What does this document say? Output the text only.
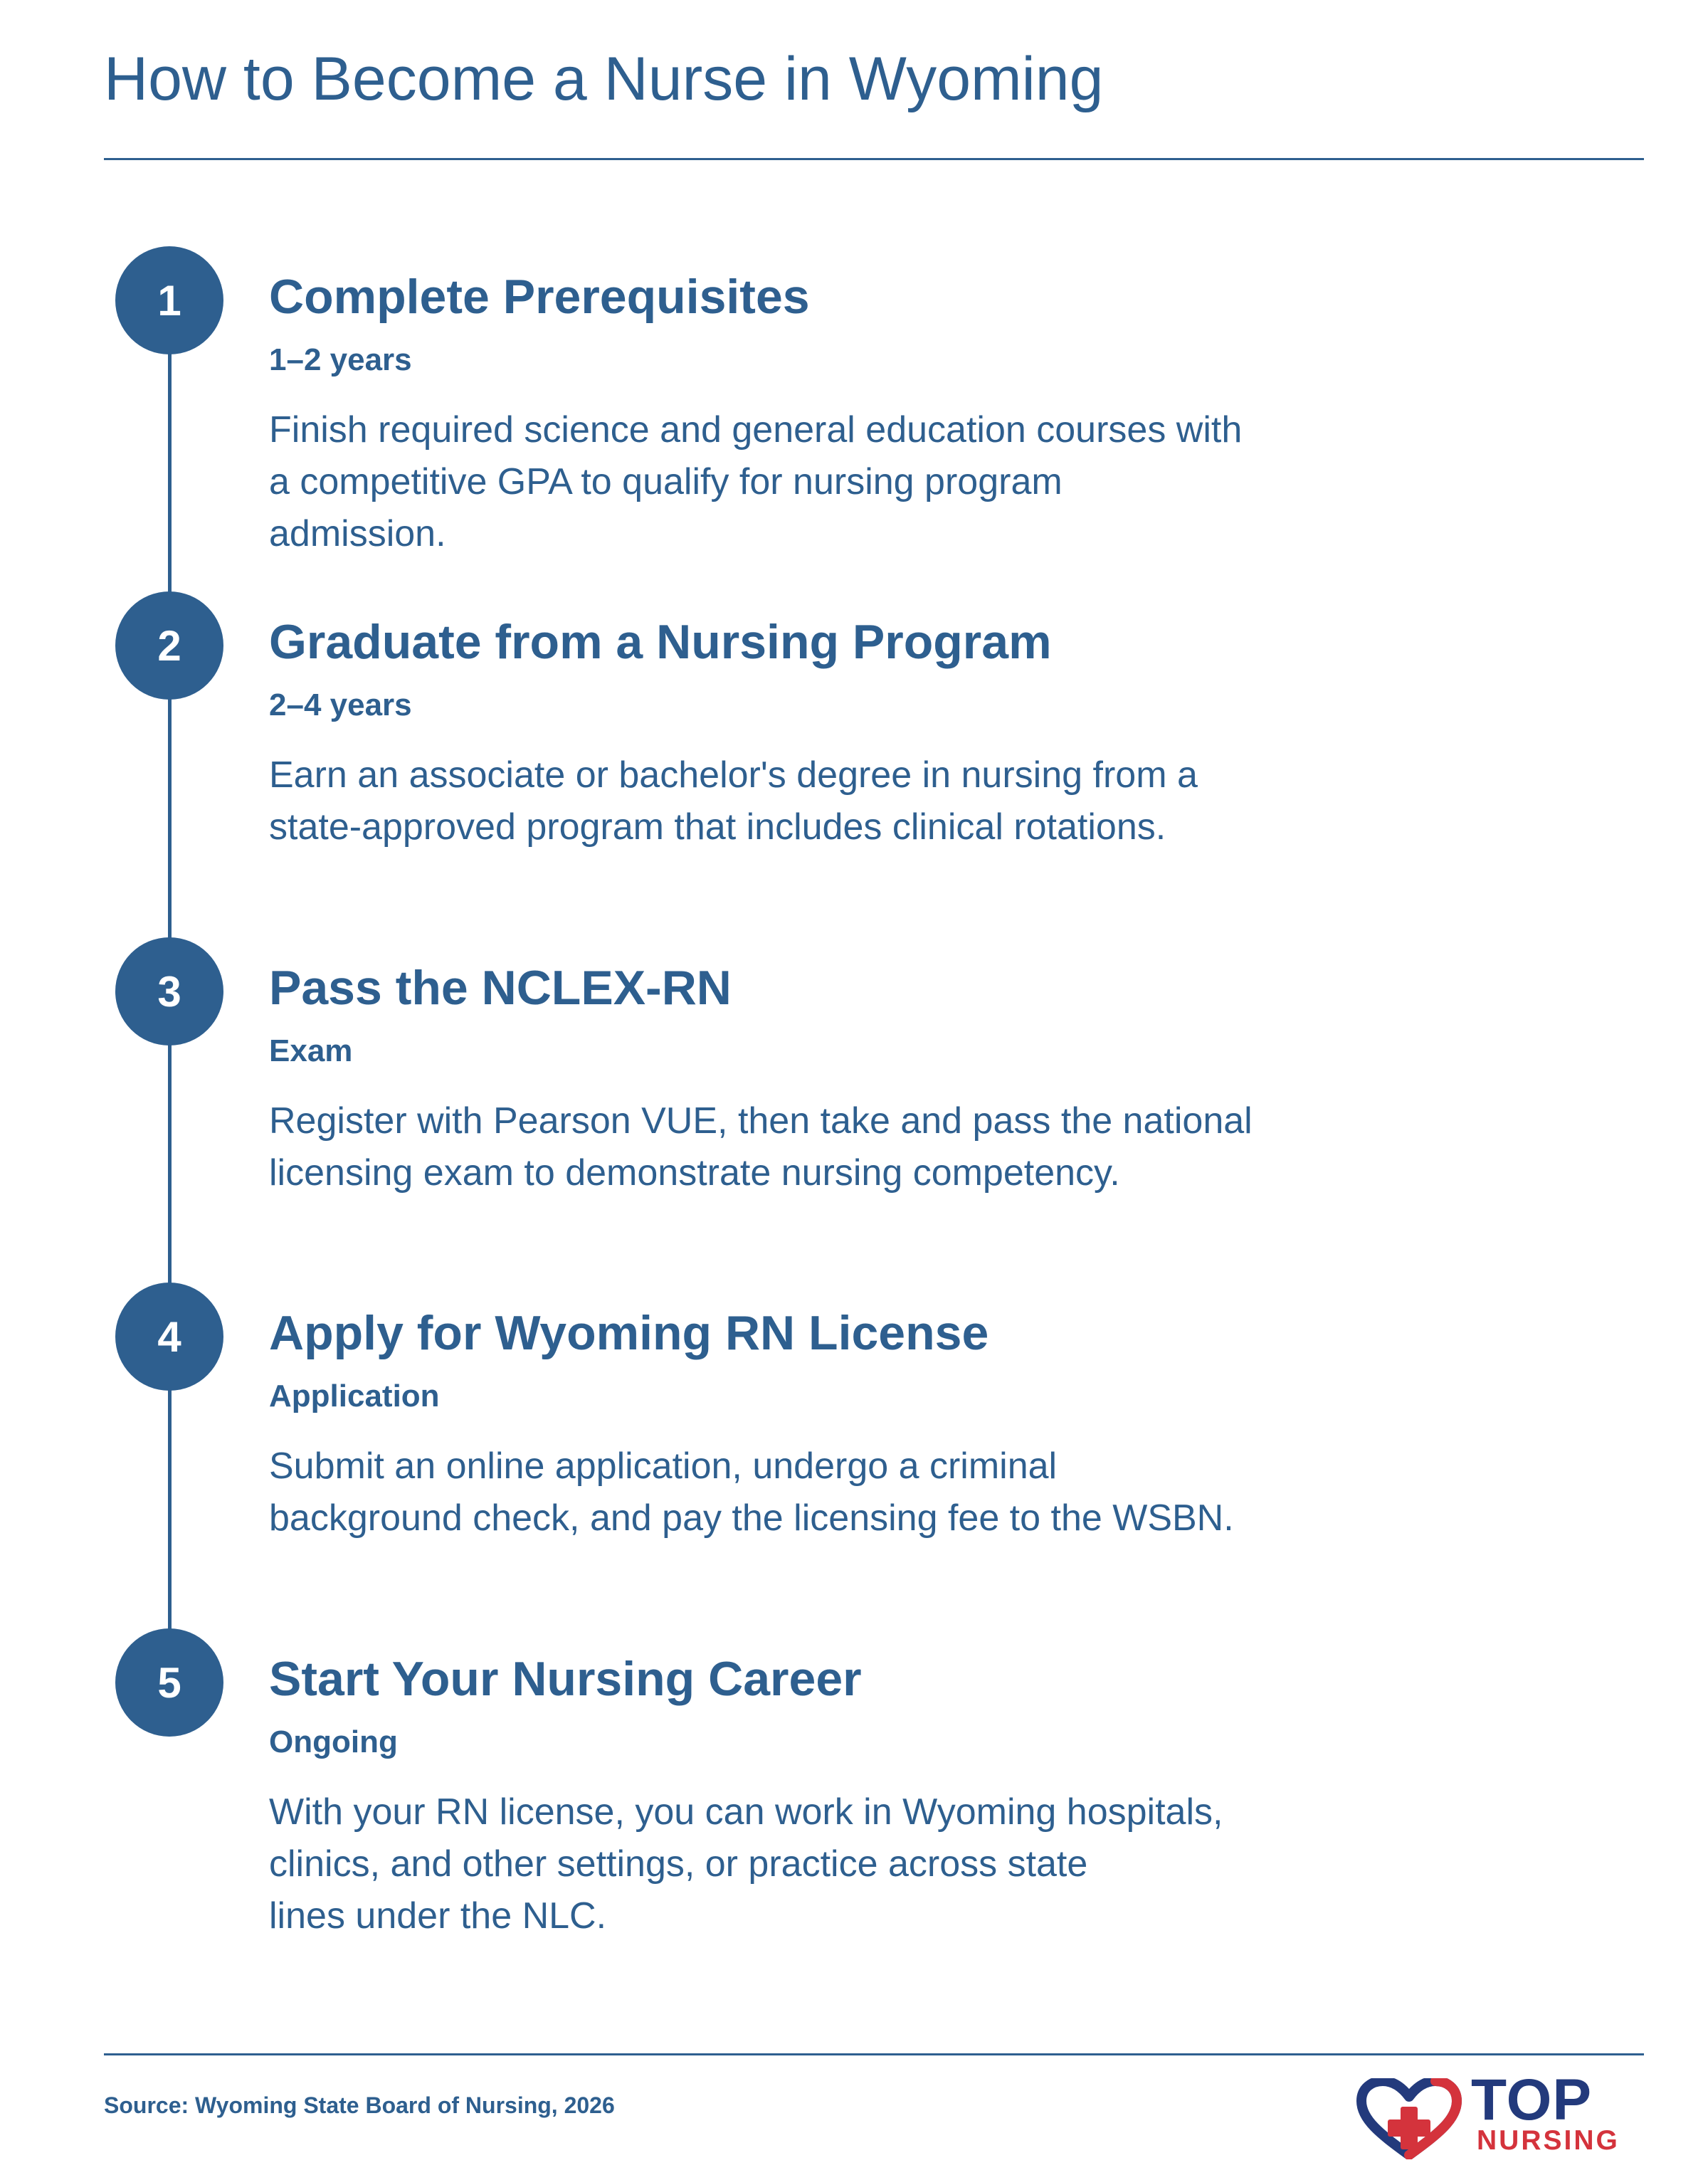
How to Become a Nurse in Wyoming
1	Complete Prerequisites
1–2 years

Finish required science and general education courses with
a competitive GPA to qualify for nursing program
admission.

2	Graduate from a Nursing Program
2–4 years

Earn an associate or bachelor's degree in nursing from a
state-approved program that includes clinical rotations.

3	Pass the NCLEX-RN
Exam

Register with Pearson VUE, then take and pass the national
licensing exam to demonstrate nursing competency.

4	Apply for Wyoming RN License
Application

Submit an online application, undergo a criminal
background check, and pay the licensing fee to the WSBN.

5	Start Your Nursing Career
Ongoing

With your RN license, you can work in Wyoming hospitals,
clinics, and other settings, or practice across state
lines under the NLC.

Source: Wyoming State Board of Nursing, 2026	TOP
NURSING
